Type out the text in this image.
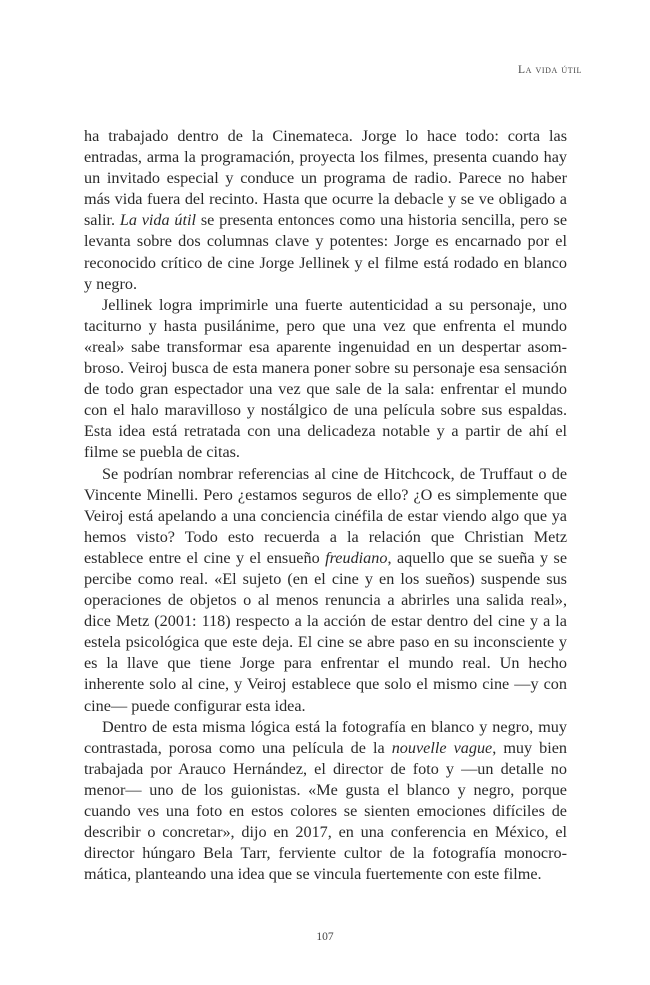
La vida útil

ha trabajado dentro de la Cinemateca. Jorge lo hace todo: corta las entradas, arma la programación, proyecta los filmes, presenta cuando hay un invitado especial y conduce un programa de radio. Parece no haber más vida fuera del recinto. Hasta que ocurre la debacle y se ve obligado a salir. La vida útil se presenta entonces como una historia sencilla, pero se levanta sobre dos columnas clave y potentes: Jorge es encarnado por el reconocido crítico de cine Jorge Jellinek y el filme está rodado en blanco y negro.

Jellinek logra imprimirle una fuerte autenticidad a su personaje, uno taciturno y hasta pusilánime, pero que una vez que enfrenta el mundo «real» sabe transformar esa aparente ingenuidad en un despertar asombroso. Veiroj busca de esta manera poner sobre su personaje esa sensación de todo gran espectador una vez que sale de la sala: enfrentar el mundo con el halo maravilloso y nostálgico de una película sobre sus espaldas. Esta idea está retratada con una delicadeza notable y a partir de ahí el filme se puebla de citas.

Se podrían nombrar referencias al cine de Hitchcock, de Truffaut o de Vincente Minelli. Pero ¿estamos seguros de ello? ¿O es simplemente que Veiroj está apelando a una conciencia cinéfila de estar viendo algo que ya hemos visto? Todo esto recuerda a la relación que Christian Metz establece entre el cine y el ensueño freudiano, aquello que se sueña y se percibe como real. «El sujeto (en el cine y en los sueños) suspende sus operaciones de objetos o al menos renuncia a abrirles una salida real», dice Metz (2001: 118) respecto a la acción de estar dentro del cine y a la estela psicológica que este deja. El cine se abre paso en su inconsciente y es la llave que tiene Jorge para enfrentar el mundo real. Un hecho inherente solo al cine, y Veiroj establece que solo el mismo cine —y con cine— puede configurar esta idea.

Dentro de esta misma lógica está la fotografía en blanco y negro, muy contrastada, porosa como una película de la nouvelle vague, muy bien trabajada por Arauco Hernández, el director de foto y —un detalle no menor— uno de los guionistas. «Me gusta el blanco y negro, porque cuando ves una foto en estos colores se sienten emociones difíciles de describir o concretar», dijo en 2017, en una conferencia en México, el director húngaro Bela Tarr, ferviente cultor de la fotografía monocromática, planteando una idea que se vincula fuertemente con este filme.

107
